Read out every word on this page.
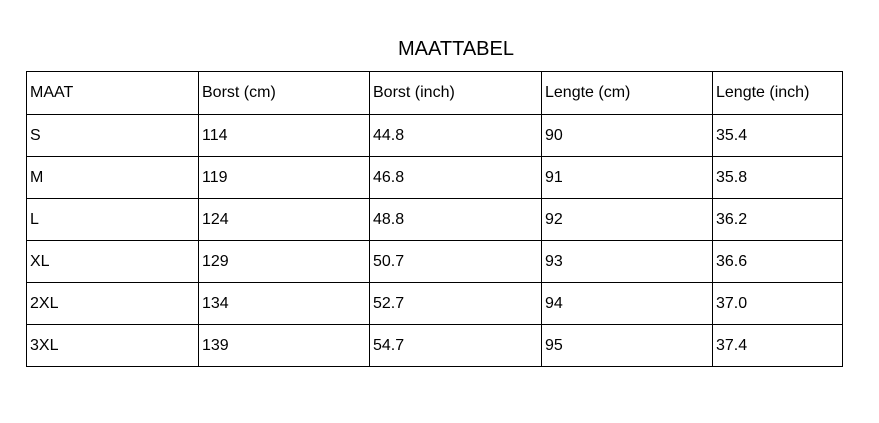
MAATTABEL
MAAT	Borst (cm)	Borst (inch)	Lengte (cm)	Lengte (inch)
S	114	44.8	90	35.4
M	119	46.8	91	35.8
L	124	48.8	92	36.2
XL	129	50.7	93	36.6
2XL	134	52.7	94	37.0
3XL	139	54.7	95	37.4
